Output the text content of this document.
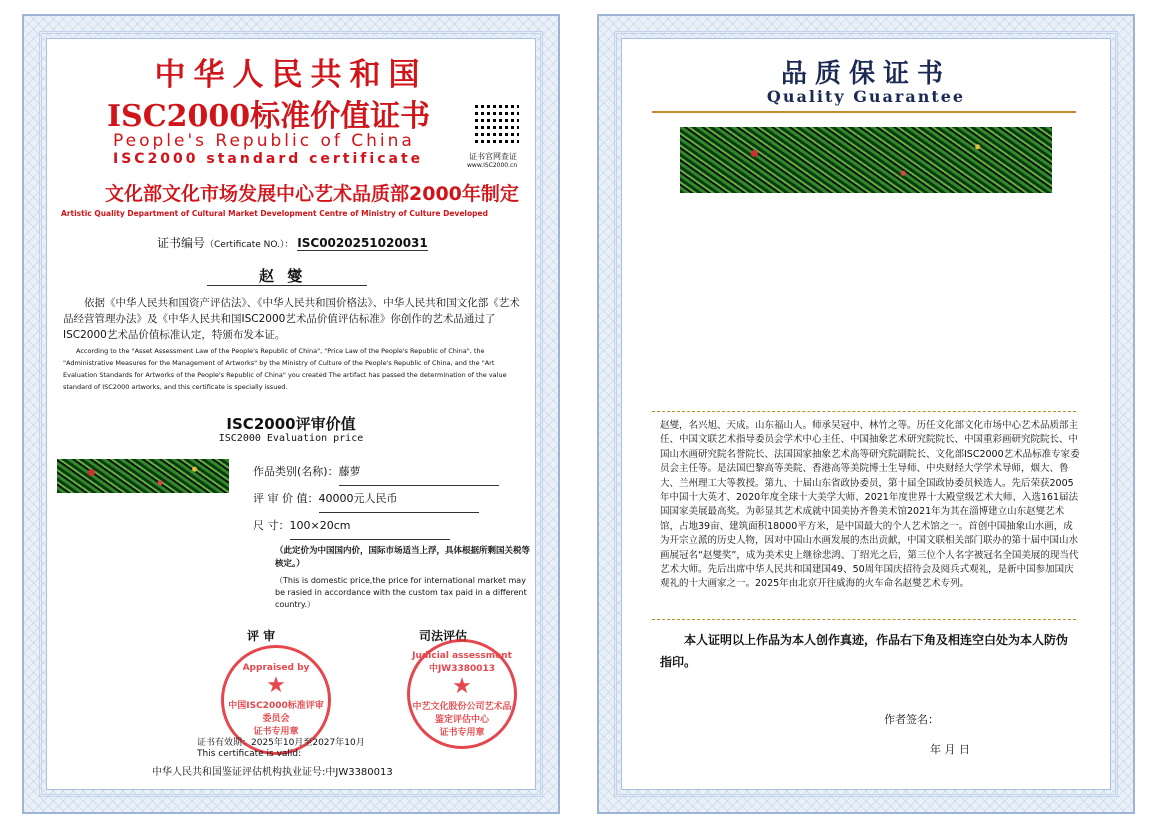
中华人民共和国
ISC2000标准价值证书
People's Republic of China
ISC2000 standard certificate	证书官网查证
www.ISC2000.cn
文化部文化市场发展中心艺术品质部2000年制定
Artistic Quality Department of Cultural Market Development Centre of Ministry of Culture Developed
证书编号（Certificate NO.）： ISC0020251020031
赵 燮
依据《中华人民共和国资产评估法》、《中华人民共和国价格法》、中华人民共和国文化部《艺术品经营管理办法》及《中华人民共和国ISC2000艺术品价值评估标准》你创作的艺术品通过了ISC2000艺术品价值标准认定，特颁布发本证。
According to the "Asset Assessment Law of the People's Republic of China", "Price Law of the People's Republic of China", the "Administrative Measures for the Management of Artworks" by the Ministry of Culture of the People's Republic of China, and the "Art Evaluation Standards for Artworks of the People's Republic of China" you created The artifact has passed the determination of the value standard of ISC2000 artworks, and this certificate is specially issued.
ISC2000评审价值
ISC2000 Evaluation price
作品类别(名称)：藤萝
评 审 价 值：40000元人民币
尺 寸：100×20cm
（此定价为中国国内价，国际市场适当上浮，具体根据所剩国关税等核定。）
（This is domestic price,the price for international market may be rasied in accordance with the custom tax paid in a different country.）
评 审	司法评估
Appraised by
★
中国ISC2000标准评审委员会
证书专用章
Judicial assessment
中JW3380013
★
中艺文化股份公司艺术品鉴定评估中心
证书专用章
证书有效期：2025年10月至2027年10月
This certificate is valid:
中华人民共和国鉴证评估机构执业证号:中JW3380013
品质保证书
Quality Guarantee
赵燮，名兴旭、天成。山东福山人。师承吴冠中、林竹之等。历任文化部文化市场中心艺术品质部主任、中国文联艺术指导委员会学术中心主任、中国抽象艺术研究院院长、中国重彩画研究院院长、中国山水画研究院名誉院长、法国国家抽象艺术高等研究院副院长、文化部ISC2000艺术品标准专家委员会主任等。是法国巴黎高等美院、香港高等美院博士生导师、中央财经大学学术导师，烟大、鲁大、兰州理工大等教授。第九、十届山东省政协委员，第十届全国政协委员候选人。先后荣获2005年中国十大英才、2020年度全球十大美学大师、2021年度世界十大殿堂级艺术大师、入选161届法国国家美展最高奖。为彰显其艺术成就中国美协齐鲁美术馆2021年为其在淄博建立山东赵燮艺术馆，占地39亩、建筑面积18000平方米，是中国最大的个人艺术馆之一。首创中国抽象山水画，成为开宗立派的历史人物，因对中国山水画发展的杰出贡献，中国文联相关部门联办的第十届中国山水画展冠名“赵燮奖”，成为美术史上继徐悲鸿、丁绍光之后，第三位个人名字被冠名全国美展的现当代艺术大师。先后出席中华人民共和国建国49、50周年国庆招待会及阅兵式观礼，是新中国参加国庆观礼的十大画家之一。2025年由北京开往威海的火车命名赵燮艺术专列。
本人证明以上作品为本人创作真迹，作品右下角及相连空白处为本人防伪指印。
作者签名：
年 月 日
